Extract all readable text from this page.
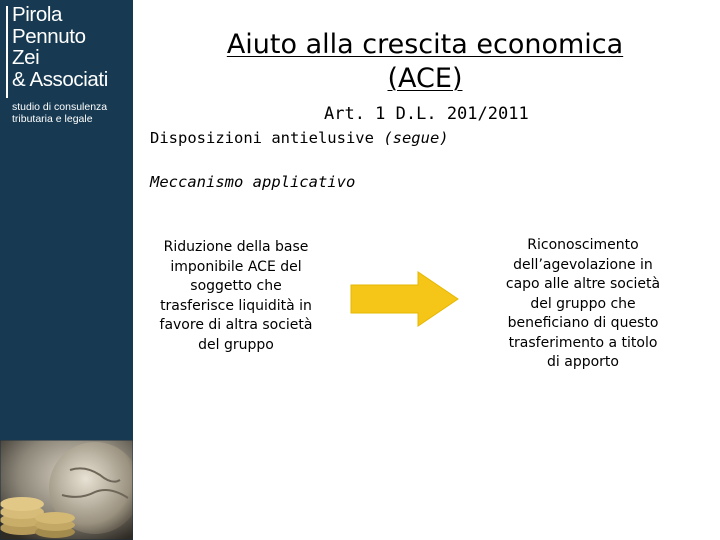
Pirola
Pennuto
Zei
& Associati
studio di consulenza
tributaria e legale
Aiuto alla crescita economica
(ACE)
Art. 1 D.L. 201/2011
Disposizioni antielusive (segue)
Meccanismo applicativo
Riduzione della base imponibile ACE del soggetto che trasferisce liquidità in favore di altra società del gruppo
Riconoscimento dell’agevolazione in capo alle altre società del gruppo che beneficiano di questo trasferimento a titolo di apporto
